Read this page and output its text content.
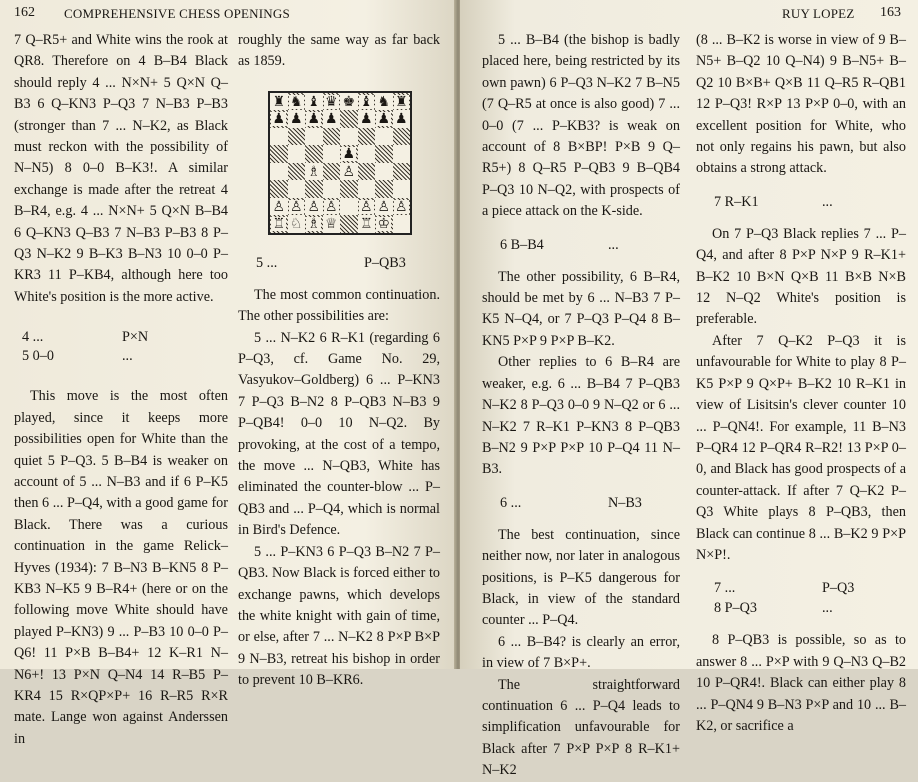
162 COMPREHENSIVE CHESS OPENINGS

7 Q–R5+ and White wins the rook at QR8. Therefore on 4 B–B4 Black should reply 4 ... N×N+ 5 Q×N Q–B3 6 Q–KN3 P–Q3 7 N–B3 P–B3 (stronger than 7 ... N–K2, as Black must reckon with the possibility of N–N5) 8 0–0 B–K3!. A similar exchange is made after the retreat 4 B–R4, e.g. 4 ... N×N+ 5 Q×N B–B4 6 Q–KN3 Q–B3 7 N–B3 P–B3 8 P–Q3 N–K2 9 B–K3 B–N3 10 0–0 P–KR3 11 P–KB4, although here too White's position is the more active.

4 ...	P×N
5 0–0	...

This move is the most often played, since it keeps more possibilities open for White than the quiet 5 P–Q3. 5 B–B4 is weaker on account of 5 ... N–B3 and if 6 P–K5 then 6 ... P–Q4, with a good game for Black. There was a curious continuation in the game Relick–Hyves (1934): 7 B–N3 B–KN5 8 P–KB3 N–K5 9 B–R4+ (here or on the following move White should have played P–KN3) 9 ... P–B3 10 0–0 P–Q6! 11 P×B B–B4+ 12 K–R1 N–N6+! 13 P×N Q–N4 14 R–B5 P–KR4 15 R×QP×P+ 16 R–R5 R×R mate. Lange won against Anderssen in

roughly the same way as far back as 1859.

♜ ♞ ♝ ♛ ♚ ♝ ♞ ♜
♟ ♟ ♟ ♟ ♟ ♟ ♟
♟
♗ ♙
♙ ♙ ♙ ♙ ♙ ♙ ♙
♖ ♘ ♗ ♕ ♖ ♔
5 ...	P–QB3

The most common continuation. The other possibilities are:

5 ... N–K2 6 R–K1 (regarding 6 P–Q3, cf. Game No. 29, Vasyukov–Goldberg) 6 ... P–KN3 7 P–Q3 B–N2 8 P–QB3 N–B3 9 P–QB4! 0–0 10 N–Q2. By provoking, at the cost of a tempo, the move ... N–QB3, White has eliminated the counter-blow ... P–QB3 and ... P–Q4, which is normal in Bird's Defence.

5 ... P–KN3 6 P–Q3 B–N2 7 P–QB3. Now Black is forced either to exchange pawns, which develops the white knight with gain of time, or else, after 7 ... N–K2 8 P×P B×P 9 N–B3, retreat his bishop in order to prevent 10 B–KR6.

RUY LOPEZ 163

5 ... B–B4 (the bishop is badly placed here, being restricted by its own pawn) 6 P–Q3 N–K2 7 B–N5 (7 Q–R5 at once is also good) 7 ... 0–0 (7 ... P–KB3? is weak on account of 8 B×BP! P×B 9 Q–R5+) 8 Q–R5 P–QB3 9 B–QB4 P–Q3 10 N–Q2, with prospects of a piece attack on the K-side.

6 B–B4	...

The other possibility, 6 B–R4, should be met by 6 ... N–B3 7 P–K5 N–Q4, or 7 P–Q3 P–Q4 8 B–KN5 P×P 9 P×P B–K2.

Other replies to 6 B–R4 are weaker, e.g. 6 ... B–B4 7 P–QB3 N–K2 8 P–Q3 0–0 9 N–Q2 or 6 ... N–K2 7 R–K1 P–KN3 8 P–QB3 B–N2 9 P×P P×P 10 P–Q4 11 N–B3.

6 ...	N–B3

The best continuation, since neither now, nor later in analogous positions, is P–K5 dangerous for Black, in view of the standard counter ... P–Q4.

6 ... B–B4? is clearly an error, in view of 7 B×P+.

The straightforward continuation 6 ... P–Q4 leads to simplification unfavourable for Black after 7 P×P P×P 8 R–K1+ N–K2

(8 ... B–K2 is worse in view of 9 B–N5+ B–Q2 10 Q–N4) 9 B–N5+ B–Q2 10 B×B+ Q×B 11 Q–R5 R–QB1 12 P–Q3! R×P 13 P×P 0–0, with an excellent position for White, who not only regains his pawn, but also obtains a strong attack.

7 R–K1	...

On 7 P–Q3 Black replies 7 ... P–Q4, and after 8 P×P N×P 9 R–K1+ B–K2 10 B×N Q×B 11 B×B N×B 12 N–Q2 White's position is preferable.

After 7 Q–K2 P–Q3 it is unfavourable for White to play 8 P–K5 P×P 9 Q×P+ B–K2 10 R–K1 in view of Lisitsin's clever counter 10 ... P–QN4!. For example, 11 B–N3 P–QR4 12 P–QR4 R–R2! 13 P×P 0–0, and Black has good prospects of a counter-attack. If after 7 Q–K2 P–Q3 White plays 8 P–QB3, then Black can continue 8 ... B–K2 9 P×P N×P!.

7 ...	P–Q3
8 P–Q3	...

8 P–QB3 is possible, so as to answer 8 ... P×P with 9 Q–N3 Q–B2 10 P–QR4!. Black can either play 8 ... P–QN4 9 B–N3 P×P and 10 ... B–K2, or sacrifice a
